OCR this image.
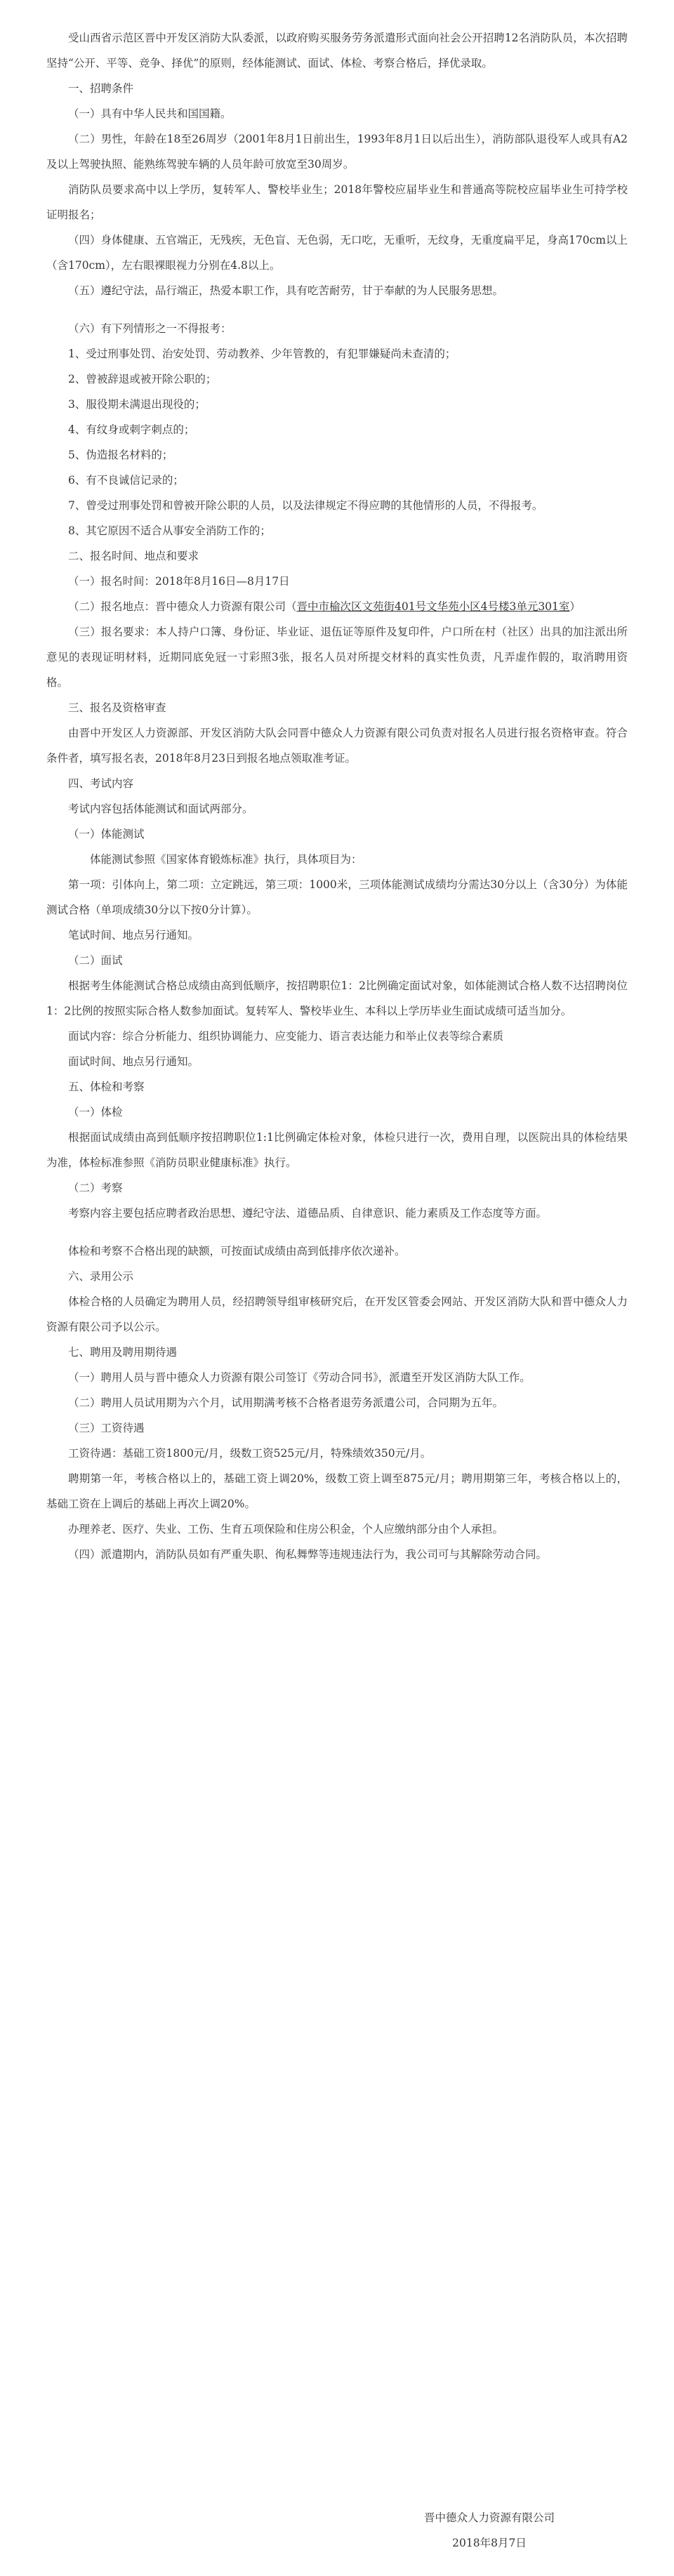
受山西省示范区晋中开发区消防大队委派，以政府购买服务劳务派遣形式面向社会公开招聘12名消防队员，本次招聘坚持“公开、平等、竞争、择优”的原则，经体能测试、面试、体检、考察合格后，择优录取。

一、招聘条件

（一）具有中华人民共和国国籍。

（二）男性，年龄在18至26周岁（2001年8月1日前出生，1993年8月1日以后出生），消防部队退役军人或具有A2及以上驾驶执照、能熟练驾驶车辆的人员年龄可放宽至30周岁。

消防队员要求高中以上学历，复转军人、警校毕业生；2018年警校应届毕业生和普通高等院校应届毕业生可持学校证明报名；

（四）身体健康、五官端正，无残疾，无色盲、无色弱，无口吃，无重听，无纹身，无重度扁平足，身高170cm以上（含170cm），左右眼裸眼视力分别在4.8以上。

（五）遵纪守法，品行端正，热爱本职工作，具有吃苦耐劳，甘于奉献的为人民服务思想。

（六）有下列情形之一不得报考：

1、受过刑事处罚、治安处罚、劳动教养、少年管教的，有犯罪嫌疑尚未查清的；

2、曾被辞退或被开除公职的；

3、服役期未满退出现役的；

4、有纹身或刺字刺点的；

5、伪造报名材料的；

6、有不良诚信记录的；

7、曾受过刑事处罚和曾被开除公职的人员，以及法律规定不得应聘的其他情形的人员，不得报考。

8、其它原因不适合从事安全消防工作的；

二、报名时间、地点和要求

（一）报名时间：2018年8月16日—8月17日

（二）报名地点：晋中德众人力资源有限公司（晋中市榆次区文苑街401号文华苑小区4号楼3单元301室）

（三）报名要求：本人持户口簿、身份证、毕业证、退伍证等原件及复印件，户口所在村（社区）出具的加注派出所意见的表现证明材料，近期同底免冠一寸彩照3张，报名人员对所提交材料的真实性负责，凡弄虚作假的，取消聘用资格。

三、报名及资格审查

由晋中开发区人力资源部、开发区消防大队会同晋中德众人力资源有限公司负责对报名人员进行报名资格审查。符合条件者，填写报名表，2018年8月23日到报名地点领取准考证。

四、考试内容

考试内容包括体能测试和面试两部分。

（一）体能测试

体能测试参照《国家体育锻炼标准》执行，具体项目为：

第一项：引体向上，第二项：立定跳远，第三项：1000米，三项体能测试成绩均分需达30分以上（含30分）为体能测试合格（单项成绩30分以下按0分计算）。

笔试时间、地点另行通知。

（二）面试

根据考生体能测试合格总成绩由高到低顺序，按招聘职位1：2比例确定面试对象，如体能测试合格人数不达招聘岗位1：2比例的按照实际合格人数参加面试。复转军人、警校毕业生、本科以上学历毕业生面试成绩可适当加分。

面试内容：综合分析能力、组织协调能力、应变能力、语言表达能力和举止仪表等综合素质

面试时间、地点另行通知。

五、体检和考察

（一）体检

根据面试成绩由高到低顺序按招聘职位1:1比例确定体检对象，体检只进行一次，费用自理，以医院出具的体检结果为准，体检标准参照《消防员职业健康标准》执行。

（二）考察

考察内容主要包括应聘者政治思想、遵纪守法、道德品质、自律意识、能力素质及工作态度等方面。

体检和考察不合格出现的缺额，可按面试成绩由高到低排序依次递补。

六、录用公示

体检合格的人员确定为聘用人员，经招聘领导组审核研究后，在开发区管委会网站、开发区消防大队和晋中德众人力资源有限公司予以公示。

七、聘用及聘用期待遇

（一）聘用人员与晋中德众人力资源有限公司签订《劳动合同书》，派遣至开发区消防大队工作。

（二）聘用人员试用期为六个月，试用期满考核不合格者退劳务派遣公司，合同期为五年。

（三）工资待遇

工资待遇：基础工资1800元/月，级数工资525元/月，特殊绩效350元/月。

聘期第一年，考核合格以上的，基础工资上调20%，级数工资上调至875元/月；聘用期第三年，考核合格以上的，基础工资在上调后的基础上再次上调20%。

办理养老、医疗、失业、工伤、生育五项保险和住房公积金，个人应缴纳部分由个人承担。

（四）派遣期内，消防队员如有严重失职、徇私舞弊等违规违法行为，我公司可与其解除劳动合同。

晋中德众人力资源有限公司
2018年8月7日
